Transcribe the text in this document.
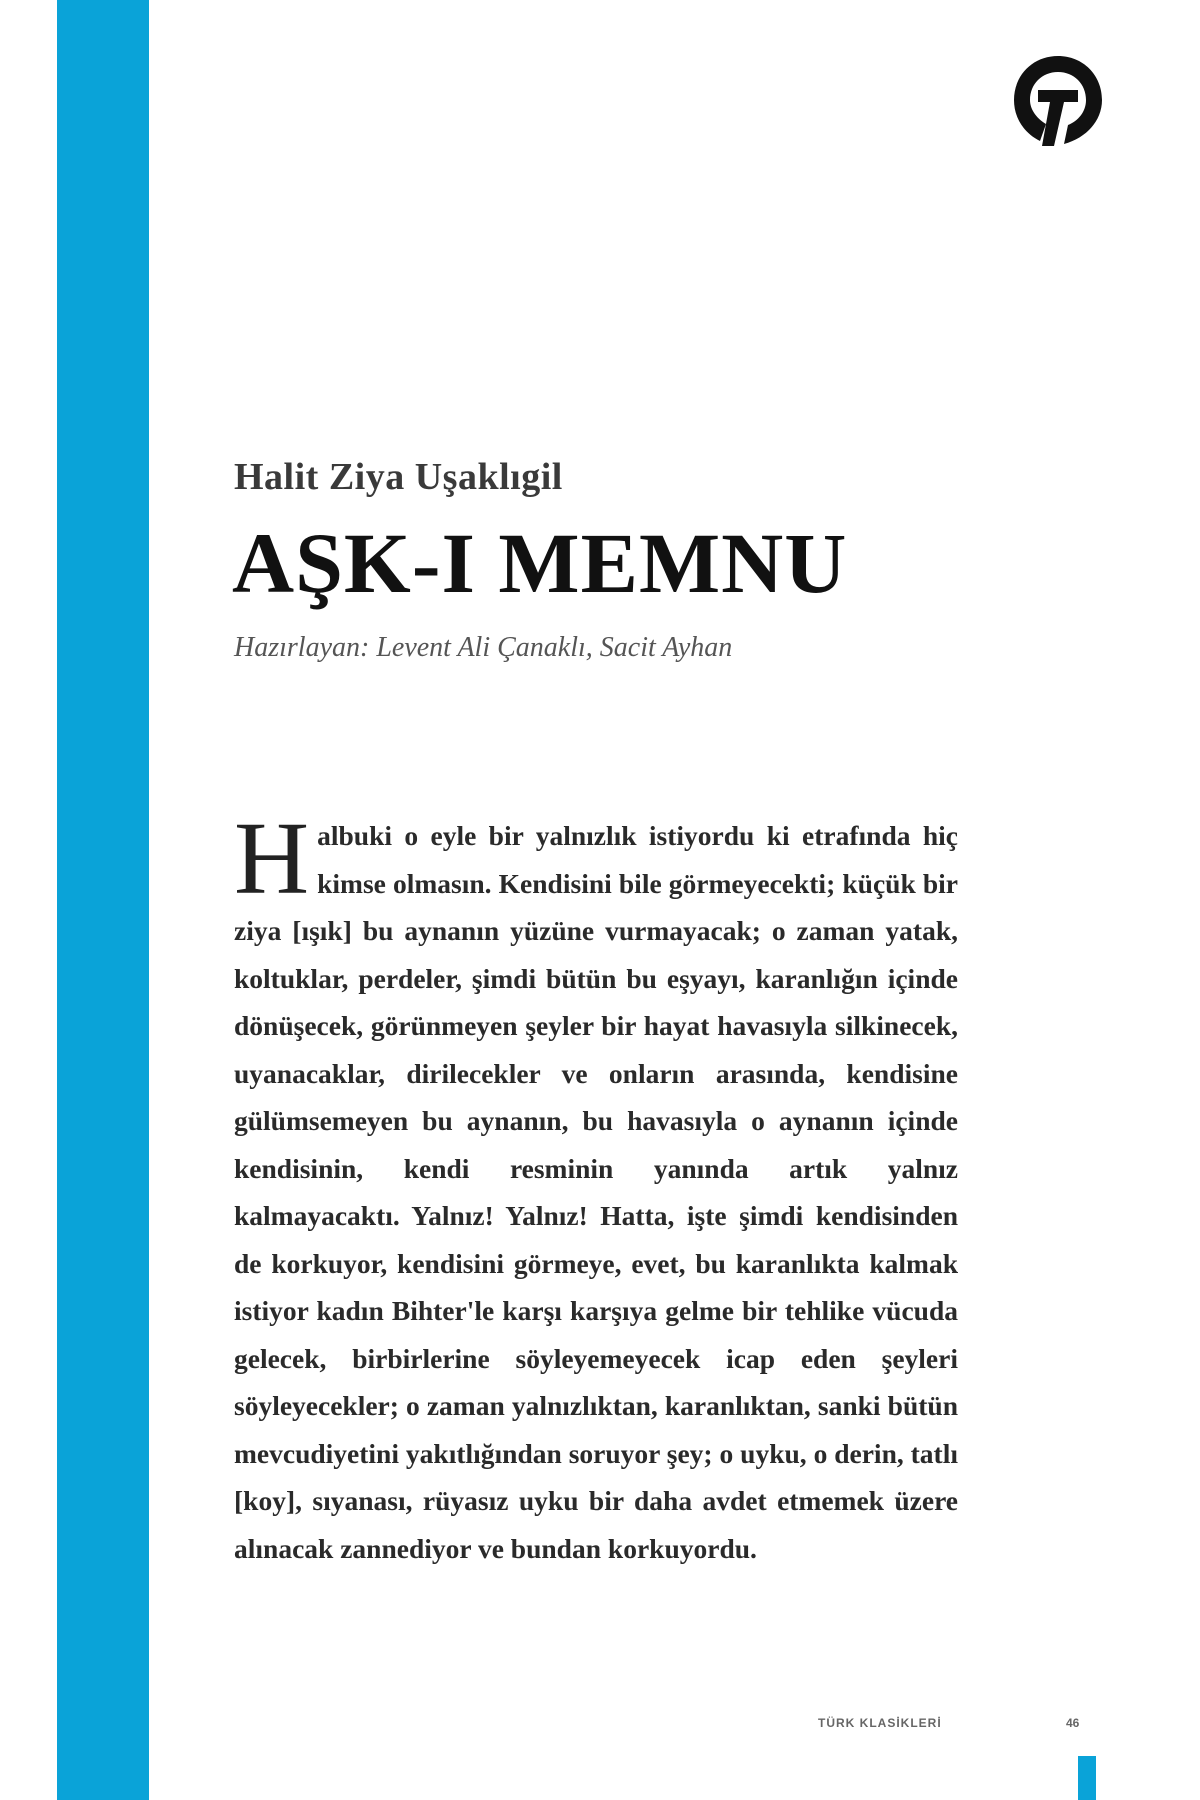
Halit Ziya Uşaklıgil
AŞK-I MEMNU
Hazırlayan: Levent Ali Çanaklı, Sacit Ayhan

Halbuki o eyle bir yalnızlık istiyordu ki etrafında hiç kimse olmasın. Kendisini bile görmeyecekti; küçük bir ziya [ışık] bu aynanın yüzüne vurmayacak; o zaman yatak, koltuklar, perdeler, şimdi bütün bu eşyayı, karanlığın içinde dönüşecek, görünmeyen şeyler bir hayat havasıyla silkinecek, uyanacaklar, dirilecekler ve onların arasında, kendisine gülümsemeyen bu aynanın, bu havasıyla o aynanın içinde kendisinin, kendi resminin yanında artık yalnız kalmayacaktı. Yalnız! Yalnız! Hatta, işte şimdi kendisinden de korkuyor, kendisini görmeye, evet, bu karanlıkta kalmak istiyor kadın Bihter'le karşı karşıya gelme bir tehlike vücuda gelecek, birbirlerine söyleyemeyecek icap eden şeyleri söyleyecekler; o zaman yalnızlıktan, karanlıktan, sanki bütün mevcudiyetini yakıtlığından soruyor şey; o uyku, o derin, tatlı [koy], sıyanası, rüyasız uyku bir daha avdet etmemek üzere alınacak zannediyor ve bundan korkuyordu.

TÜRK KLASİKLERİ	46
